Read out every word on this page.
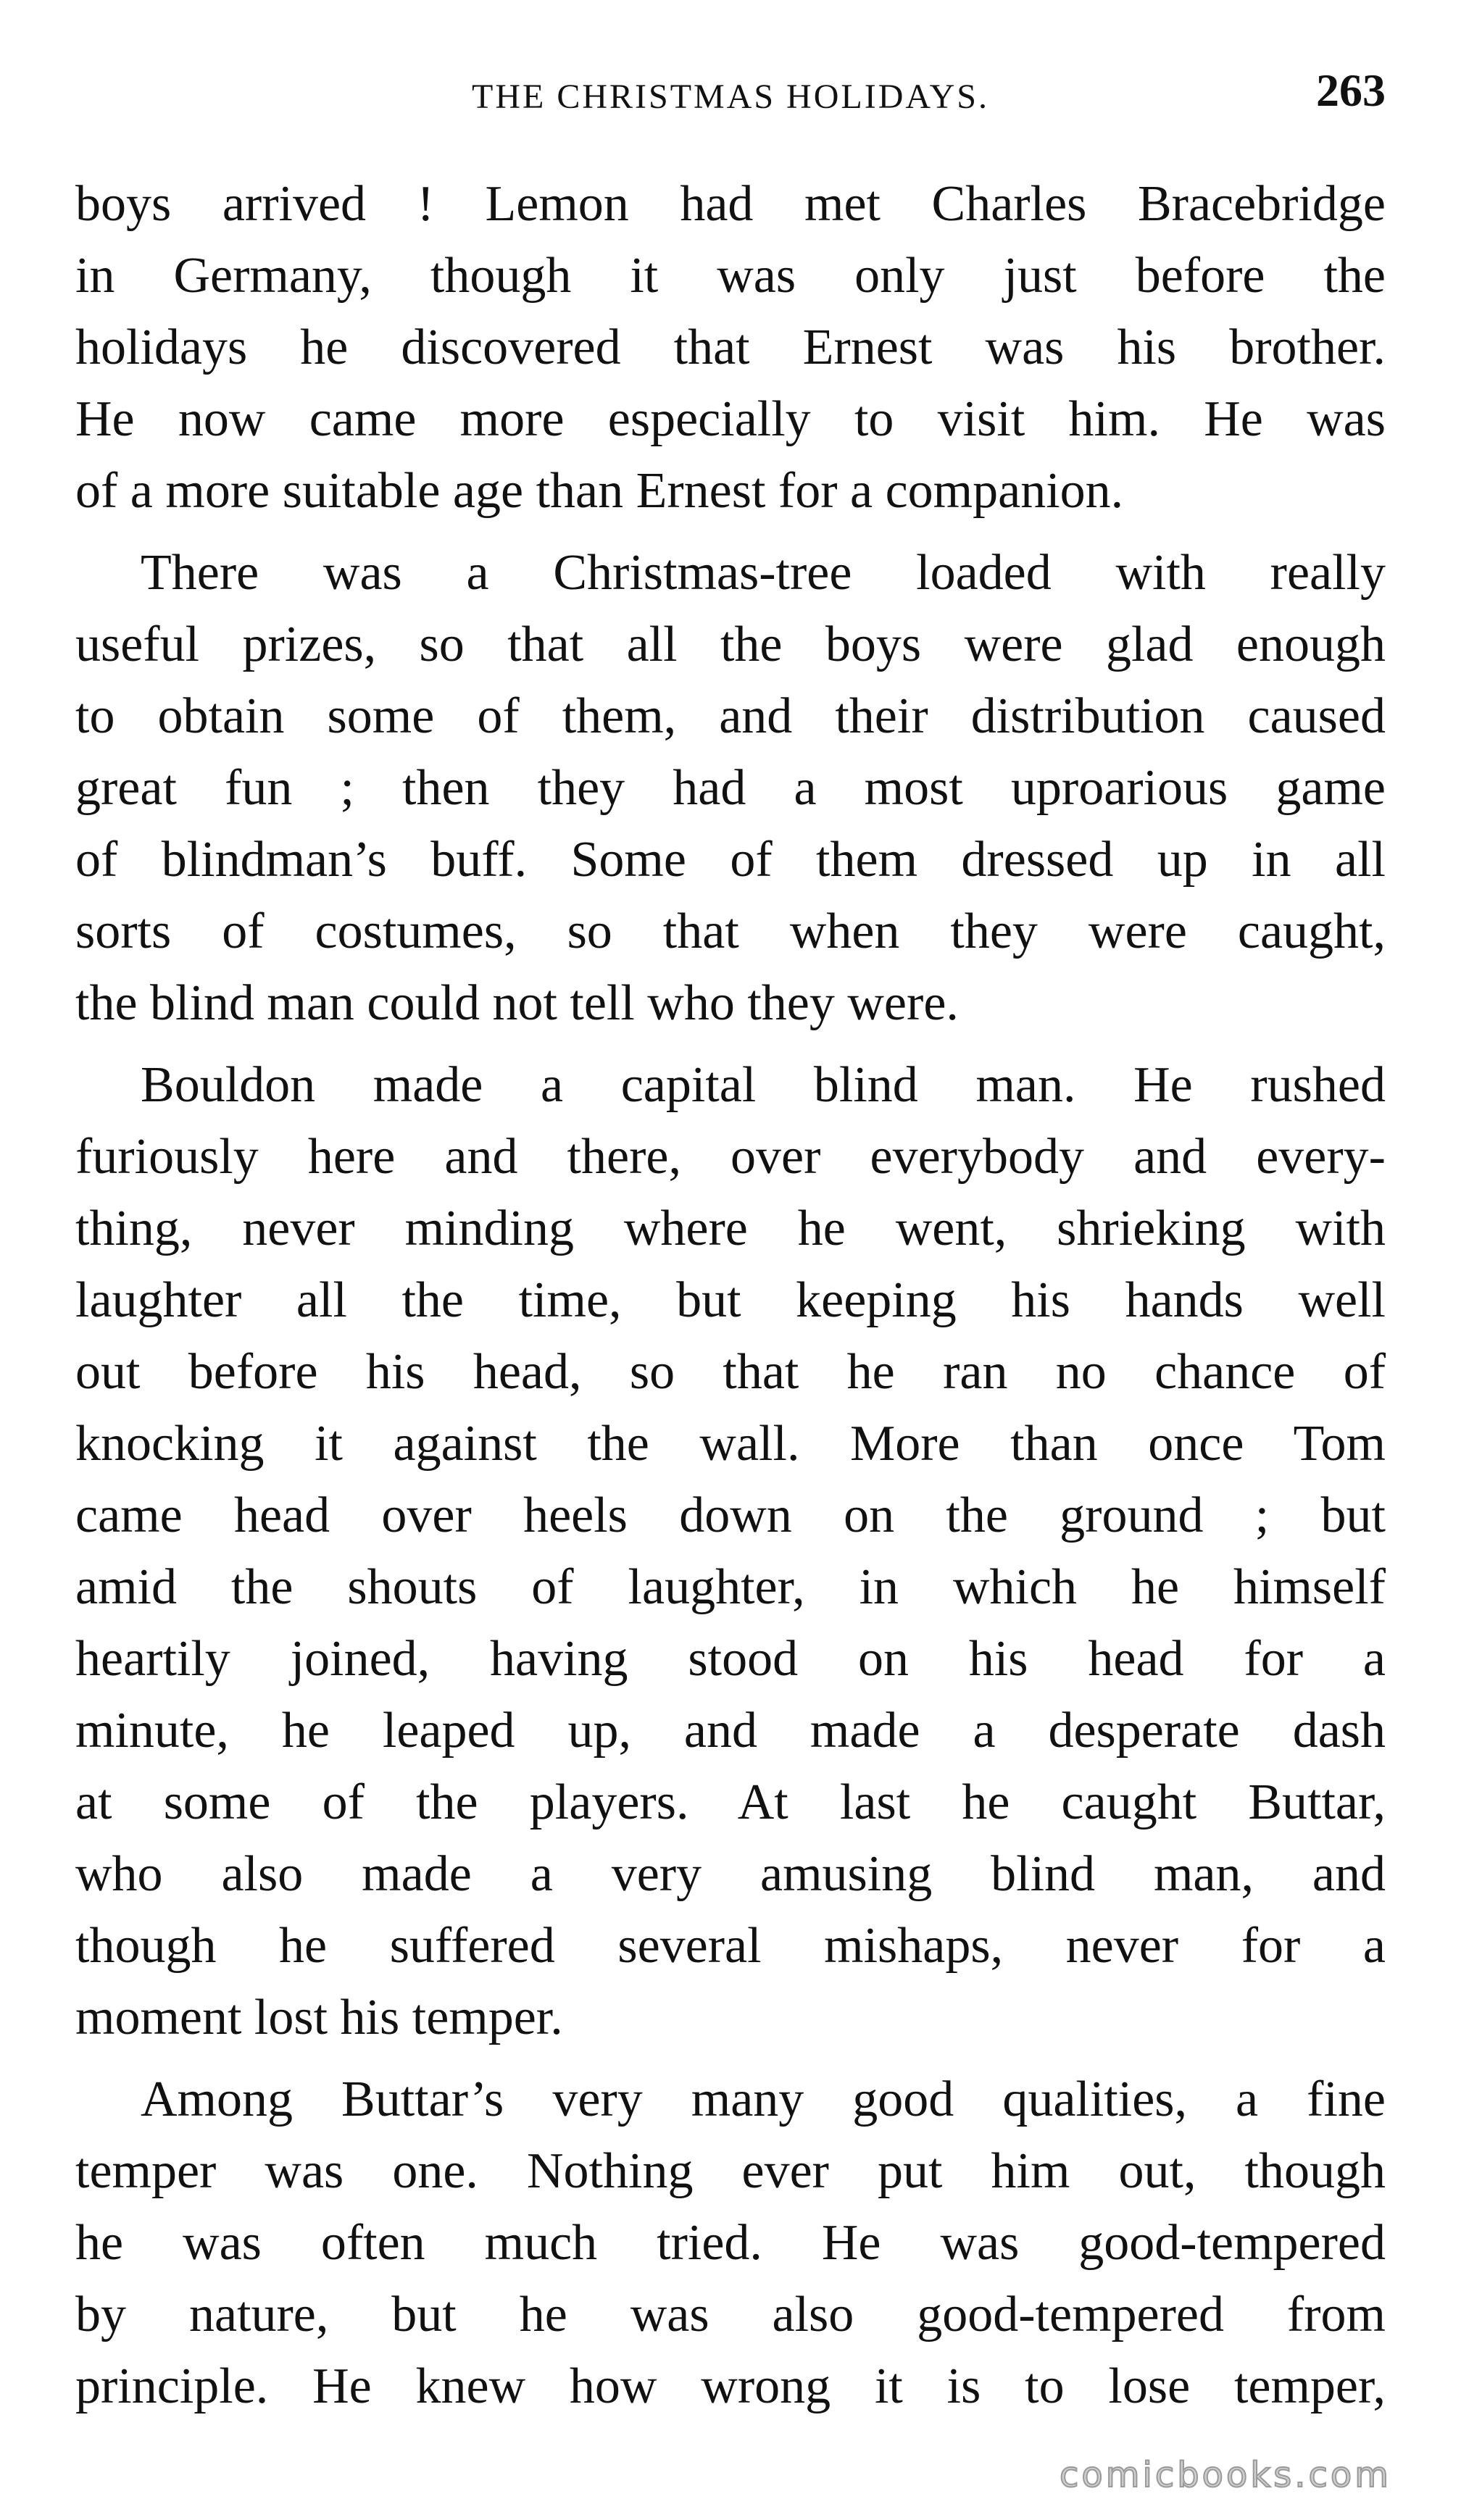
THE CHRISTMAS HOLIDAYS.	263
boys arrived ! Lemon had met Charles Bracebridge
in Germany, though it was only just before the
holidays he discovered that Ernest was his brother.
He now came more especially to visit him. He was
of a more suitable age than Ernest for a companion.
There was a Christmas-tree loaded with really
useful prizes, so that all the boys were glad enough
to obtain some of them, and their distribution caused
great fun ; then they had a most uproarious game
of blindman’s buff. Some of them dressed up in all
sorts of costumes, so that when they were caught,
the blind man could not tell who they were.
Bouldon made a capital blind man. He rushed
furiously here and there, over everybody and every-
thing, never minding where he went, shrieking with
laughter all the time, but keeping his hands well
out before his head, so that he ran no chance of
knocking it against the wall. More than once Tom
came head over heels down on the ground ; but
amid the shouts of laughter, in which he himself
heartily joined, having stood on his head for a
minute, he leaped up, and made a desperate dash
at some of the players. At last he caught Buttar,
who also made a very amusing blind man, and
though he suffered several mishaps, never for a
moment lost his temper.
Among Buttar’s very many good qualities, a fine
temper was one. Nothing ever put him out, though
he was often much tried. He was good-tempered
by nature, but he was also good-tempered from
principle. He knew how wrong it is to lose temper,
comicbooks.com
